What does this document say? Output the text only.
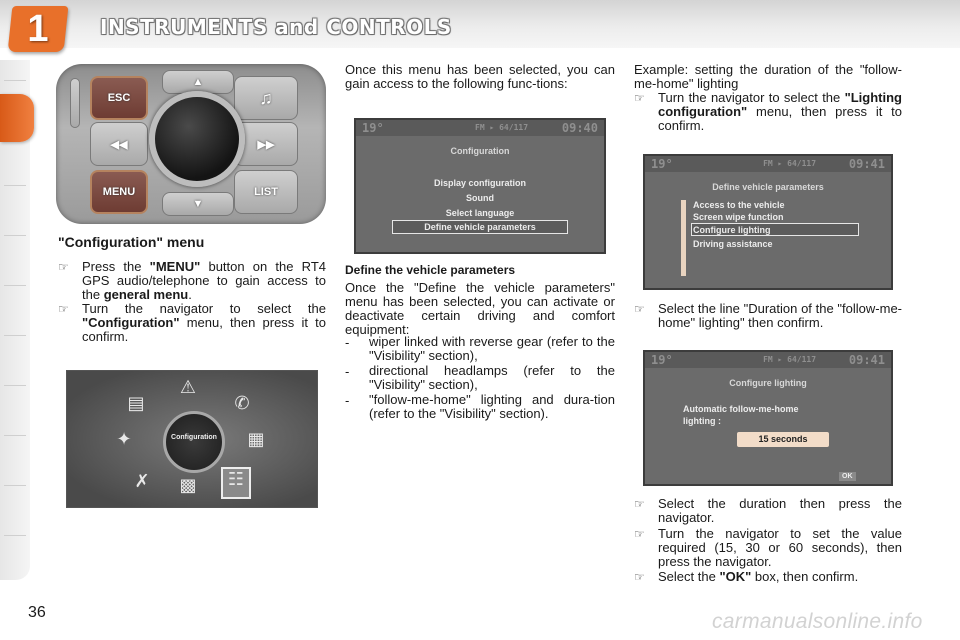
1	INSTRUMENTS and CONTROLS
ESC
◀◀
MENU
▲
▼
♫
▶▶
LIST
"Configuration" menu
☞ Press the "MENU" button on the RT4 GPS audio/telephone to gain access to the general menu.
☞ Turn the navigator to select the "Configuration" menu, then press it to confirm.
▤
⚠
✆
✦	▦
✗ ▩	☷
Configuration
Once this menu has been selected, you can gain access to the following func-tions:
19°	FM ▸ 64/117	09:40
Configuration
Display configuration
Sound
Select language
Define vehicle parameters
Define the vehicle parameters
Once the "Define the vehicle parameters" menu has been selected, you can activate or deactivate certain driving and comfort equipment:
- wiper linked with reverse gear (refer to the "Visibility" section),
- directional headlamps (refer to the "Visibility" section),
- "follow-me-home" lighting and dura-tion (refer to the "Visibility" section).
Example: setting the duration of the "follow-me-home" lighting
☞ Turn the navigator to select the "Lighting configuration" menu, then press it to confirm.
19°	FM ▸ 64/117	09:41
Define vehicle parameters
Access to the vehicle
Screen wipe function
Configure lighting
Driving assistance
☞ Select the line "Duration of the "follow-me-home" lighting" then confirm.
19°	FM ▸ 64/117	09:41
Configure lighting
Automatic follow-me-home
lighting :
15 seconds
OK
☞ Select the duration then press the navigator.
☞ Turn the navigator to set the value required (15, 30 or 60 seconds), then press the navigator.
☞ Select the "OK" box, then confirm.
36	carmanualsonline.info
